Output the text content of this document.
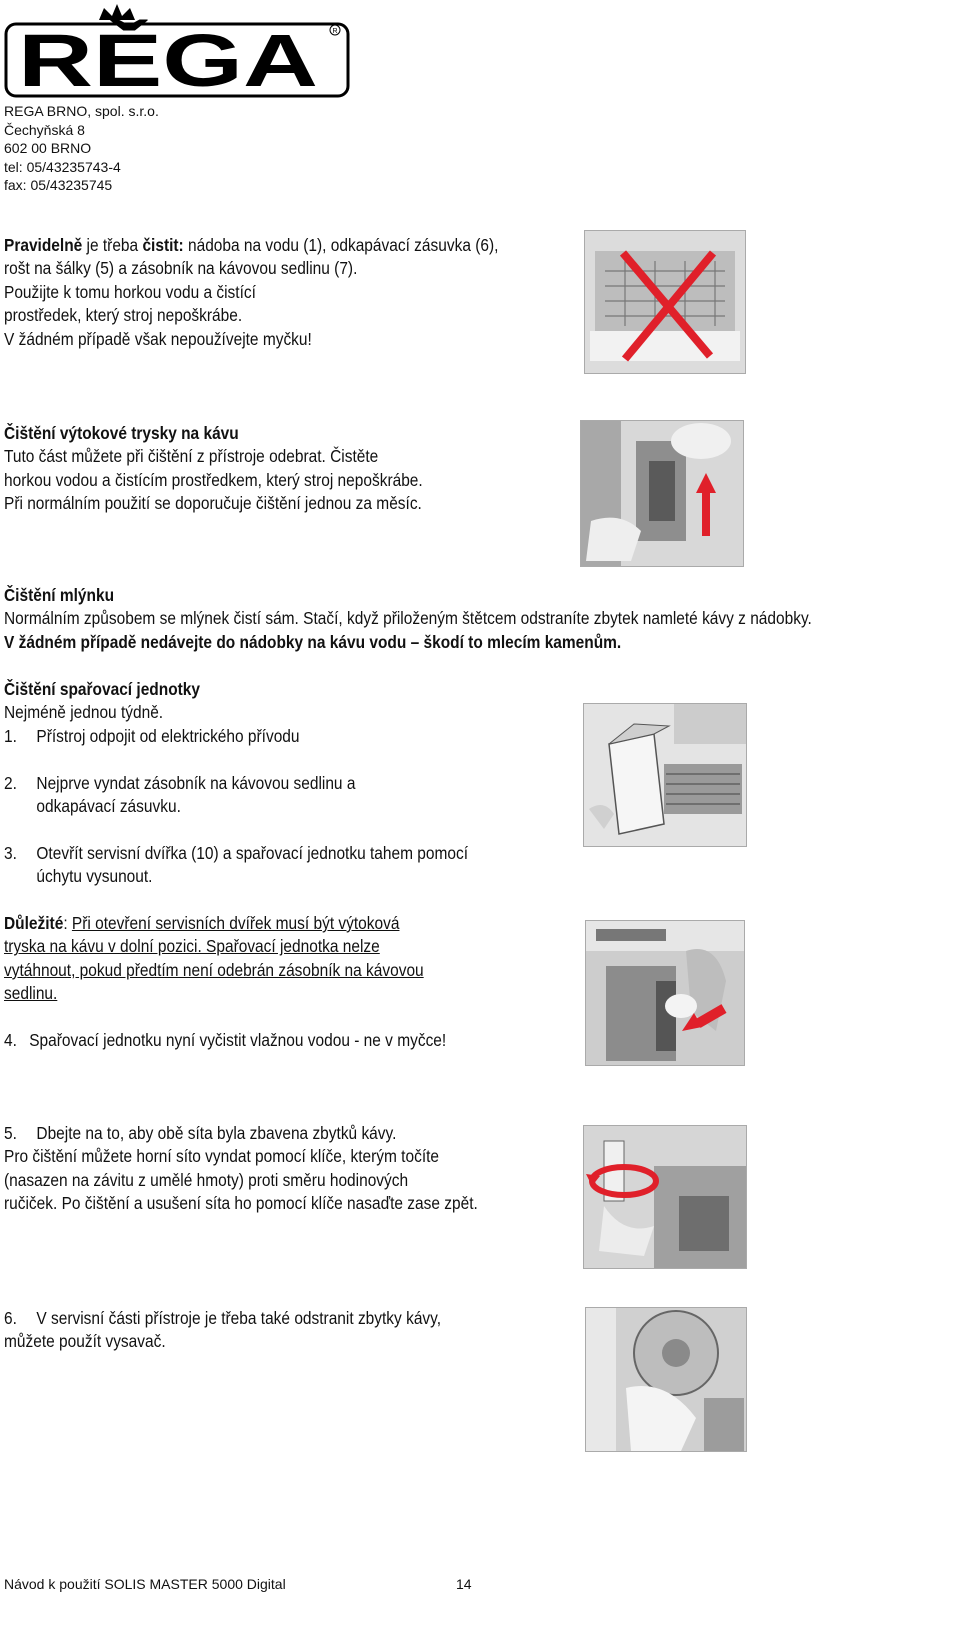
RĚGA R
REGA BRNO, spol. s.r.o.
Čechyňská 8
602 00 BRNO
tel: 05/43235743-4
fax: 05/43235745

Pravidelně je třeba čistit: nádoba na vodu (1), odkapávací zásuvka (6),

rošt na šálky (5) a zásobník na kávovou sedlinu (7).

Použijte k tomu horkou vodu a čistící

prostředek, který stroj nepoškrábe.

V žádném případě však nepoužívejte myčku!

Čištění výtokové trysky na kávu

Tuto část můžete při čištění z přístroje odebrat. Čistěte

horkou vodou a čistícím prostředkem, který stroj nepoškrábe.

Při normálním použití se doporučuje čištění jednou za měsíc.

Čištění mlýnku

Normálním způsobem se mlýnek čistí sám. Stačí, když přiloženým štětcem odstraníte zbytek namleté kávy z nádobky.

V žádném případě nedávejte do nádobky na kávu vodu – škodí to mlecím kamenům.

Čištění spařovací jednotky

Nejméně jednou týdně.

1. Přístroj odpojit od elektrického přívodu

2. Nejprve vyndat zásobník na kávovou sedlinu a

odkapávací zásuvku.

3. Otevřít servisní dvířka (10) a spařovací jednotku tahem pomocí

úchytu vysunout.

Důležité: Při otevření servisních dvířek musí být výtoková

tryska na kávu v dolní pozici. Spařovací jednotka nelze

vytáhnout, pokud předtím není odebrán zásobník na kávovou

sedlinu.

4. Spařovací jednotku nyní vyčistit vlažnou vodou - ne v myčce!

5. Dbejte na to, aby obě síta byla zbavena zbytků kávy.

Pro čištění můžete horní síto vyndat pomocí klíče, kterým točíte

(nasazen na závitu z umělé hmoty) proti směru hodinových

ručiček. Po čištění a usušení síta ho pomocí klíče nasaďte zase zpět.

6. V servisní části přístroje je třeba také odstranit zbytky kávy,

můžete použít vysavač.

Návod k použití SOLIS MASTER 5000 Digital	14
